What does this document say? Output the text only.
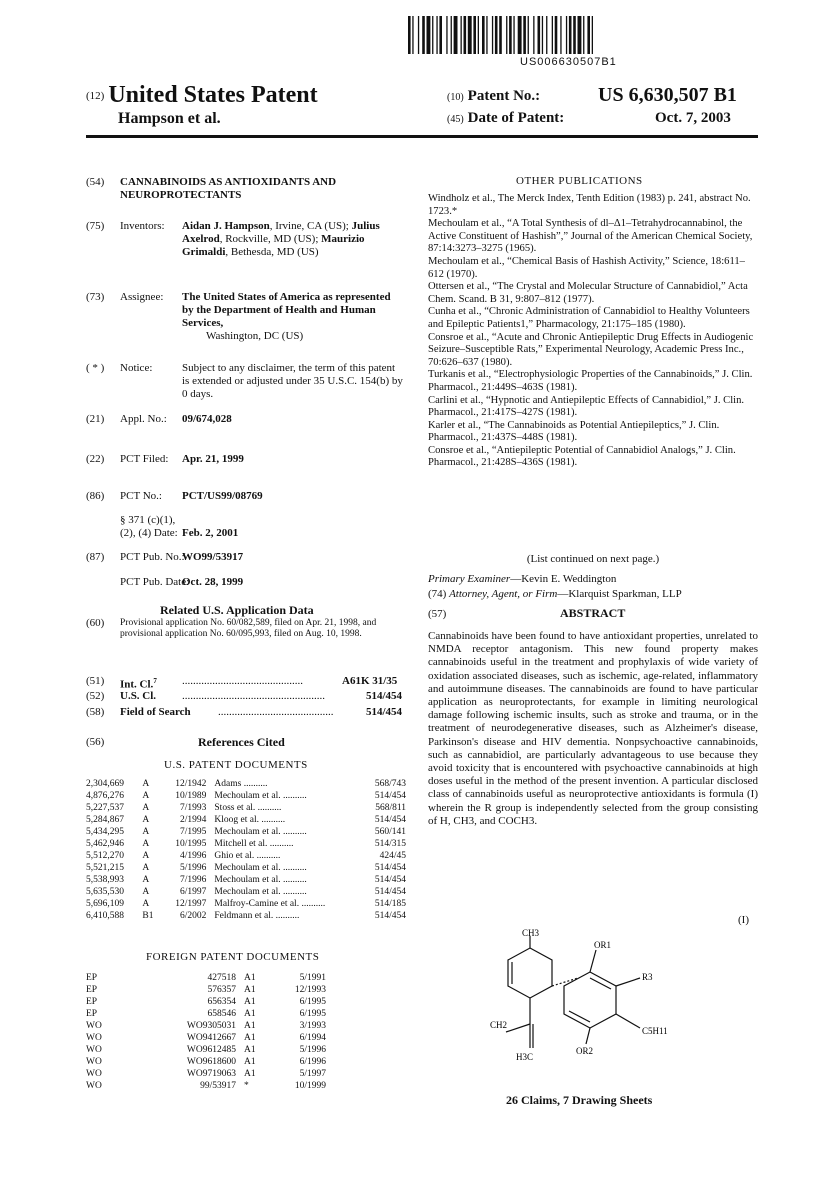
US006630507B1
(12) United States Patent
Hampson et al.
(10) Patent No.:	US 6,630,507 B1
(45) Date of Patent:	Oct. 7, 2003
(54) CANNABINOIDS AS ANTIOXIDANTS AND NEUROPROTECTANTS
(75) Inventors: Aidan J. Hampson, Irvine, CA (US); Julius Axelrod, Rockville, MD (US); Maurizio Grimaldi, Bethesda, MD (US)
(73) Assignee: The United States of America as represented by the Department of Health and Human Services,
Washington, DC (US)
( * ) Notice:	Subject to any disclaimer, the term of this patent is extended or adjusted under 35 U.S.C. 154(b) by 0 days.
(21) Appl. No.: 09/674,028
(22) PCT Filed: Apr. 21, 1999
(86) PCT No.: PCT/US99/08769
§ 371 (c)(1),
(2), (4) Date: Feb. 2, 2001
(87) PCT Pub. No.:
WO99/53917
PCT Pub. Date:
Oct. 28, 1999
Related U.S. Application Data
(60) Provisional application No. 60/082,589, filed on Apr. 21, 1998, and provisional application No. 60/095,993, filed on Aug. 10, 1998.
(51) Int. Cl.$^7$ ............................................	A61K 31/35
(52) U.S. Cl. ....................................................	514/454
(58) Field of Search ..........................................	514/454
(56)	References Cited
U.S. PATENT DOCUMENTS
2,304,669	A	12/1942	Adams ..........	568/743
4,876,276	A	10/1989	Mechoulam et al. ..........	514/454
5,227,537	A	7/1993	Stoss et al. ..........	568/811
5,284,867	A	2/1994	Kloog et al. ..........	514/454
5,434,295	A	7/1995	Mechoulam et al. ..........	560/141
5,462,946	A	10/1995	Mitchell et al. ..........	514/315
5,512,270	A	4/1996	Ghio et al. ..........	424/45
5,521,215	A	5/1996	Mechoulam et al. ..........	514/454
5,538,993	A	7/1996	Mechoulam et al. ..........	514/454
5,635,530	A	6/1997	Mechoulam et al. ..........	514/454
5,696,109	A	12/1997	Malfroy-Camine et al. ..........	514/185
6,410,588	B1	6/2002	Feldmann et al. ..........	514/454
FOREIGN PATENT DOCUMENTS
EP	427518	A1	5/1991
EP	576357	A1	12/1993
EP	656354	A1	6/1995
EP	658546	A1	6/1995
WO	WO9305031	A1	3/1993
WO	WO9412667	A1	6/1994
WO	WO9612485	A1	5/1996
WO	WO9618600	A1	6/1996
WO	WO9719063	A1	5/1997
WO	99/53917	*	10/1999
OTHER PUBLICATIONS

Windholz et al., The Merck Index, Tenth Edition (1983) p. 241, abstract No. 1723.*

Mechoulam et al., “A Total Synthesis of dl–Δ1–Tetrahydrocannabinol, the Active Constituent of Hashish”,” Journal of the American Chemical Society, 87:14:3273–3275 (1965).

Mechoulam et al., “Chemical Basis of Hashish Activity,” Science, 18:611–612 (1970).

Ottersen et al., “The Crystal and Molecular Structure of Cannabidiol,” Acta Chem. Scand. B 31, 9:807–812 (1977).

Cunha et al., “Chronic Administration of Cannabidiol to Healthy Volunteers and Epileptic Patients1,” Pharmacology, 21:175–185 (1980).

Consroe et al., “Acute and Chronic Antiepileptic Drug Effects in Audiogenic Seizure–Susceptible Rats,” Experimental Neurology, Academic Press Inc., 70:626–637 (1980).

Turkanis et al., “Electrophysiologic Properties of the Cannabinoids,” J. Clin. Pharmacol., 21:449S–463S (1981).

Carlini et al., “Hypnotic and Antiepileptic Effects of Cannabidiol,” J. Clin. Pharmacol., 21:417S–427S (1981).

Karler et al., “The Cannabinoids as Potential Antiepileptics,” J. Clin. Pharmacol., 21:437S–448S (1981).

Consroe et al., “Antiepileptic Potential of Cannabidiol Analogs,” J. Clin. Pharmacol., 21:428S–436S (1981).

(List continued on next page.)
Primary Examiner—Kevin E. Weddington
(74) Attorney, Agent, or Firm—Klarquist Sparkman, LLP
(57)	ABSTRACT
Cannabinoids have been found to have antioxidant properties, unrelated to NMDA receptor antagonism. This new found property makes cannabinoids useful in the treatment and prophylaxis of wide variety of oxidation associated diseases, such as ischemic, age-related, inflammatory and autoimmune diseases. The cannabinoids are found to have particular application as neuroprotectants, for example in limiting neurological damage following ischemic insults, such as stroke and trauma, or in the treatment of neurodegenerative diseases, such as Alzheimer's disease, Parkinson's disease and HIV dementia. Nonpsychoactive cannabinoids, such as cannabidiol, are particularly advantageous to use because they avoid toxicity that is encountered with psychoactive cannabinoids at high doses useful in the method of the present invention. A particular disclosed class of cannabinoids useful as neuroprotective antioxidants is formula (I) wherein the R group is independently selected from the group consisting of H, CH3, and COCH3.
(I)
CH3
OR1
R3
CH2
H3C
OR2
C5H11
26 Claims, 7 Drawing Sheets
